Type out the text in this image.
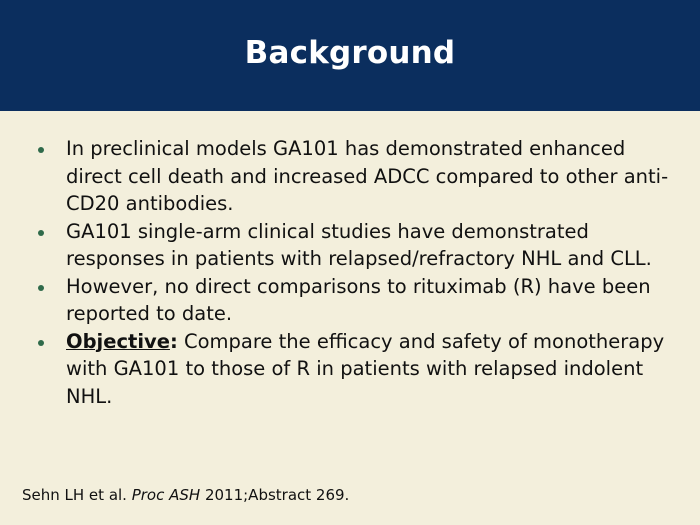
Background
In preclinical models GA101 has demonstrated enhanced direct cell death and increased ADCC compared to other anti-CD20 antibodies.
GA101 single-arm clinical studies have demonstrated responses in patients with relapsed/refractory NHL and CLL.
However, no direct comparisons to rituximab (R) have been reported to date.
Objective: Compare the efficacy and safety of monotherapy with GA101 to those of R in patients with relapsed indolent NHL.
Sehn LH et al. Proc ASH 2011;Abstract 269.
